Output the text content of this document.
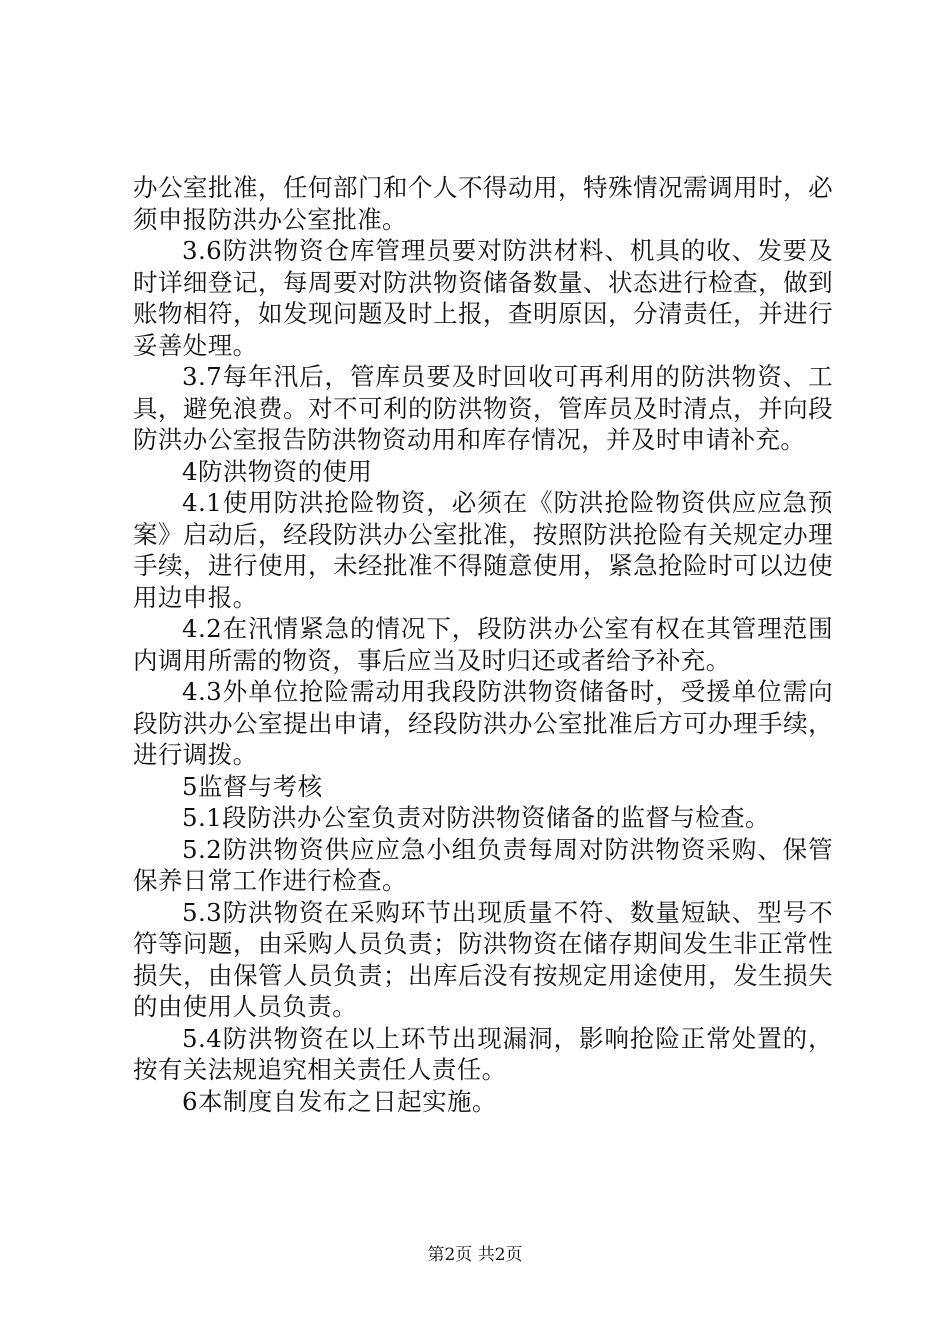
办公室批准，任何部门和个人不得动用，特殊情况需调用时，必须申报防洪办公室批准。

3.6防洪物资仓库管理员要对防洪材料、机具的收、发要及时详细登记，每周要对防洪物资储备数量、状态进行检查，做到账物相符，如发现问题及时上报，查明原因，分清责任，并进行妥善处理。

3.7每年汛后，管库员要及时回收可再利用的防洪物资、工具，避免浪费。对不可利的防洪物资，管库员及时清点，并向段防洪办公室报告防洪物资动用和库存情况，并及时申请补充。

4防洪物资的使用

4.1使用防洪抢险物资，必须在《防洪抢险物资供应应急预案》启动后，经段防洪办公室批准，按照防洪抢险有关规定办理手续，进行使用，未经批准不得随意使用，紧急抢险时可以边使用边申报。

4.2在汛情紧急的情况下，段防洪办公室有权在其管理范围内调用所需的物资，事后应当及时归还或者给予补充。

4.3外单位抢险需动用我段防洪物资储备时，受援单位需向段防洪办公室提出申请，经段防洪办公室批准后方可办理手续，进行调拨。

5监督与考核

5.1段防洪办公室负责对防洪物资储备的监督与检查。

5.2防洪物资供应应急小组负责每周对防洪物资采购、保管保养日常工作进行检查。

5.3防洪物资在采购环节出现质量不符、数量短缺、型号不符等问题，由采购人员负责；防洪物资在储存期间发生非正常性损失，由保管人员负责；出库后没有按规定用途使用，发生损失的由使用人员负责。

5.4防洪物资在以上环节出现漏洞，影响抢险正常处置的，按有关法规追究相关责任人责任。

6本制度自发布之日起实施。

第2页 共2页
